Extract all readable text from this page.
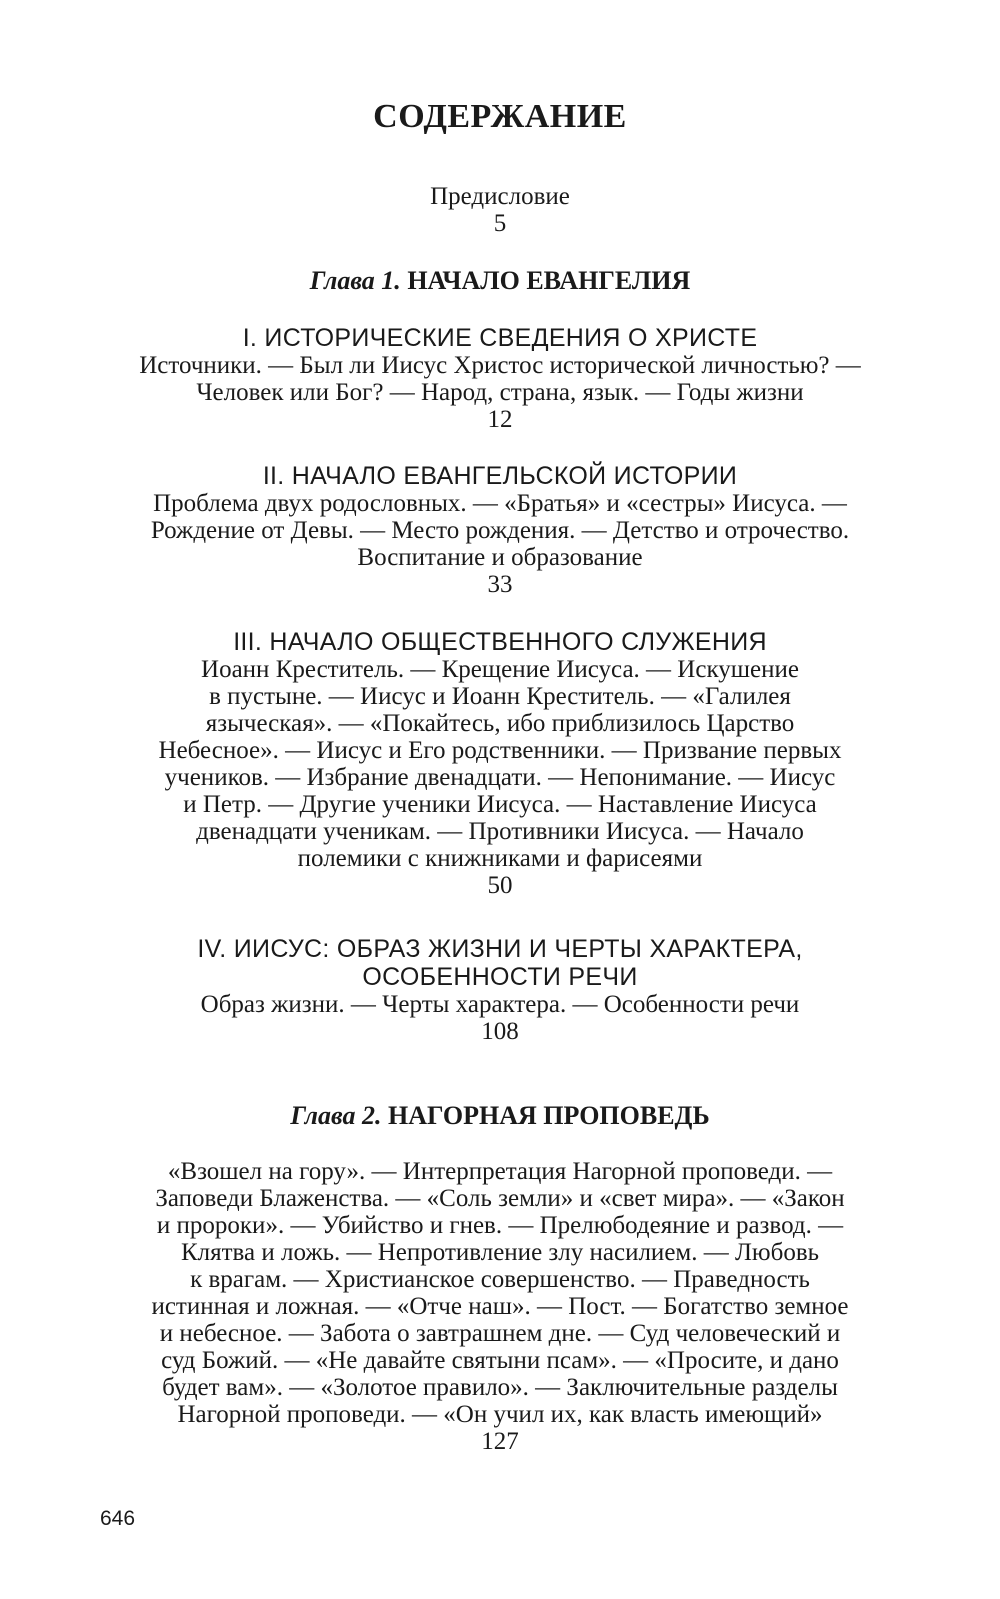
СОДЕРЖАНИЕ
Предисловие
5
Глава 1. НАЧАЛО ЕВАНГЕЛИЯ
I. ИСТОРИЧЕСКИЕ СВЕДЕНИЯ О ХРИСТЕ
Источники. — Был ли Иисус Христос исторической личностью? —
Человек или Бог? — Народ, страна, язык. — Годы жизни
12
II. НАЧАЛО ЕВАНГЕЛЬСКОЙ ИСТОРИИ
Проблема двух родословных. — «Братья» и «сестры» Иисуса. —
Рождение от Девы. — Место рождения. — Детство и отрочество.
Воспитание и образование
33
III. НАЧАЛО ОБЩЕСТВЕННОГО СЛУЖЕНИЯ
Иоанн Креститель. — Крещение Иисуса. — Искушение
в пустыне. — Иисус и Иоанн Креститель. — «Галилея
языческая». — «Покайтесь, ибо приблизилось Царство
Небесное». — Иисус и Его родственники. — Призвание первых
учеников. — Избрание двенадцати. — Непонимание. — Иисус
и Петр. — Другие ученики Иисуса. — Наставление Иисуса
двенадцати ученикам. — Противники Иисуса. — Начало
полемики с книжниками и фарисеями
50
IV. ИИСУС: ОБРАЗ ЖИЗНИ И ЧЕРТЫ ХАРАКТЕРА,
ОСОБЕННОСТИ РЕЧИ
Образ жизни. — Черты характера. — Особенности речи
108
Глава 2. НАГОРНАЯ ПРОПОВЕДЬ
«Взошел на гору». — Интерпретация Нагорной проповеди. —
Заповеди Блаженства. — «Соль земли» и «свет мира». — «Закон
и пророки». — Убийство и гнев. — Прелюбодеяние и развод. —
Клятва и ложь. — Непротивление злу насилием. — Любовь
к врагам. — Христианское совершенство. — Праведность
истинная и ложная. — «Отче наш». — Пост. — Богатство земное
и небесное. — Забота о завтрашнем дне. — Суд человеческий и
суд Божий. — «Не давайте святыни псам». — «Просите, и дано
будет вам». — «Золотое правило». — Заключительные разделы
Нагорной проповеди. — «Он учил их, как власть имеющий»
127
646
